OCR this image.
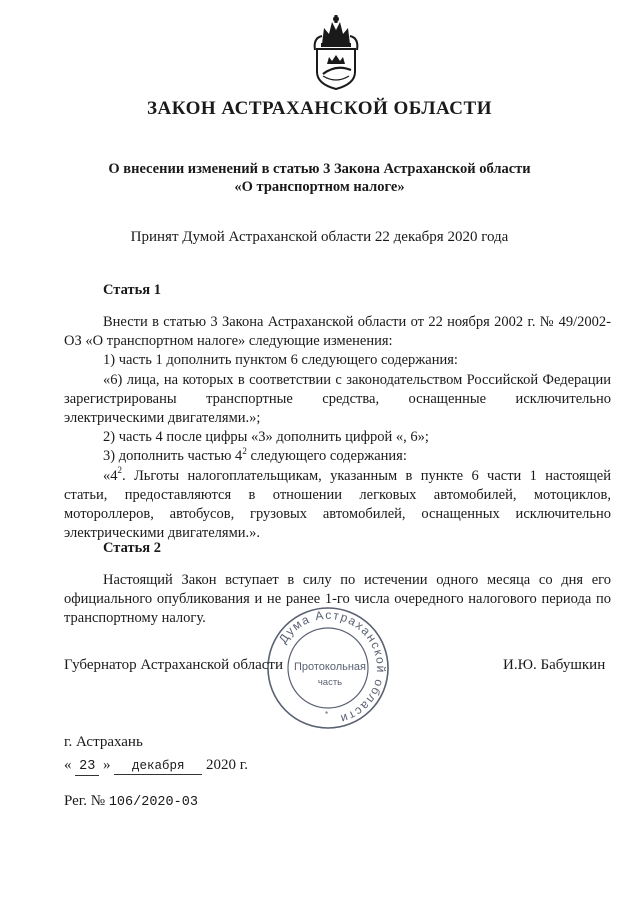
ЗАКОН АСТРАХАНСКОЙ ОБЛАСТИ
О внесении изменений в статью 3 Закона Астраханской области
«О транспортном налоге»
Принят Думой Астраханской области 22 декабря 2020 года
Статья 1

Внести в статью 3 Закона Астраханской области от 22 ноября 2002 г. № 49/2002-ОЗ «О транспортном налоге» следующие изменения:

1) часть 1 дополнить пунктом 6 следующего содержания:

«6) лица, на которых в соответствии с законодательством Российской Федерации зарегистрированы транспортные средства, оснащенные исключительно электрическими двигателями.»;

2) часть 4 после цифры «3» дополнить цифрой «, 6»;

3) дополнить частью $4^2$ следующего содержания:

«$4^2$. Льготы налогоплательщикам, указанным в пункте 6 части 1 настоящей статьи, предоставляются в отношении легковых автомобилей, мотоциклов, мотороллеров, автобусов, грузовых автомобилей, оснащенных исключительно электрическими двигателями.».

Статья 2

Настоящий Закон вступает в силу по истечении одного месяца со дня его официального опубликования и не ранее 1-го числа очередного налогового периода по транспортному налогу.

Дума Астраханской области
*
Губернатор Астраханской области Протокольная
часть
И.Ю. Бабушкин
г. Астрахань
« 23 » декабря 2020 г.
Рег. № 106/2020-03
